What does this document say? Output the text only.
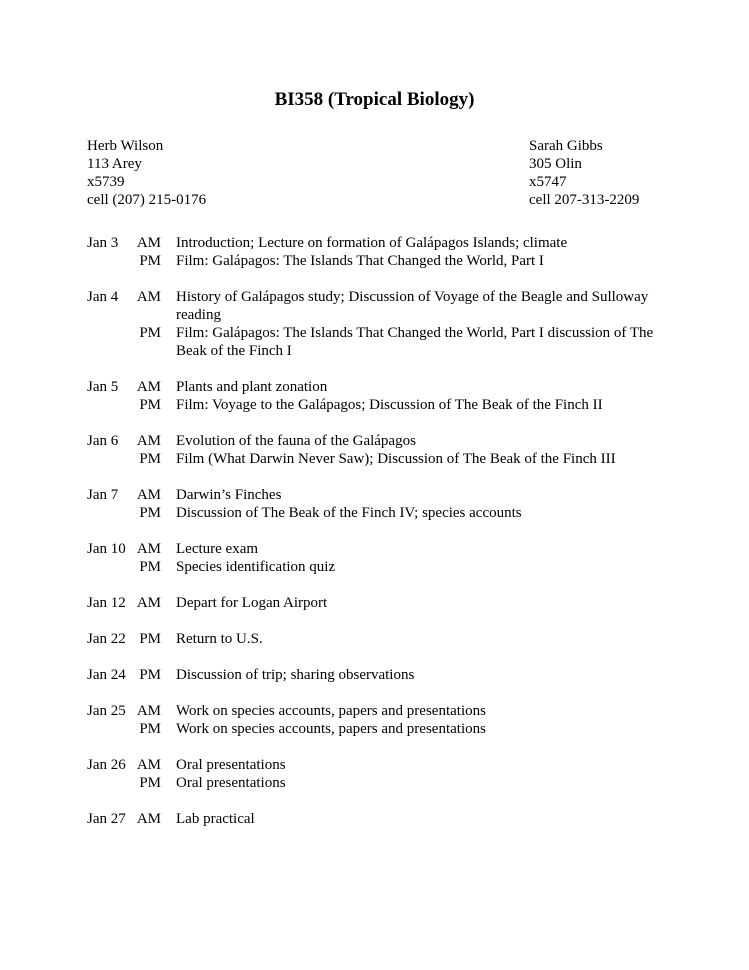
BI358 (Tropical Biology)
Herb Wilson
113 Arey
x5739
cell (207) 215-0176
Sarah Gibbs
305 Olin
x5747
cell 207-313-2209
Jan 3 AM
PM
Introduction; Lecture on formation of Galápagos Islands; climate
Film: Galápagos: The Islands That Changed the World, Part I
Jan 4 AM
PM
History of Galápagos study; Discussion of Voyage of the Beagle and Sulloway reading
Film: Galápagos: The Islands That Changed the World, Part I discussion of The Beak of the Finch I
Jan 5 AM
PM
Plants and plant zonation
Film: Voyage to the Galápagos; Discussion of The Beak of the Finch II
Jan 6 AM
PM
Evolution of the fauna of the Galápagos
Film (What Darwin Never Saw); Discussion of The Beak of the Finch III
Jan 7 AM
PM
Darwin’s Finches
Discussion of The Beak of the Finch IV; species accounts
Jan 10 AM
PM
Lecture exam
Species identification quiz
Jan 12 AM Depart for Logan Airport
Jan 22 PM Return to U.S.
Jan 24 PM Discussion of trip; sharing observations
Jan 25 AM
PM
Work on species accounts, papers and presentations
Work on species accounts, papers and presentations
Jan 26 AM
PM
Oral presentations
Oral presentations
Jan 27 AM Lab practical
